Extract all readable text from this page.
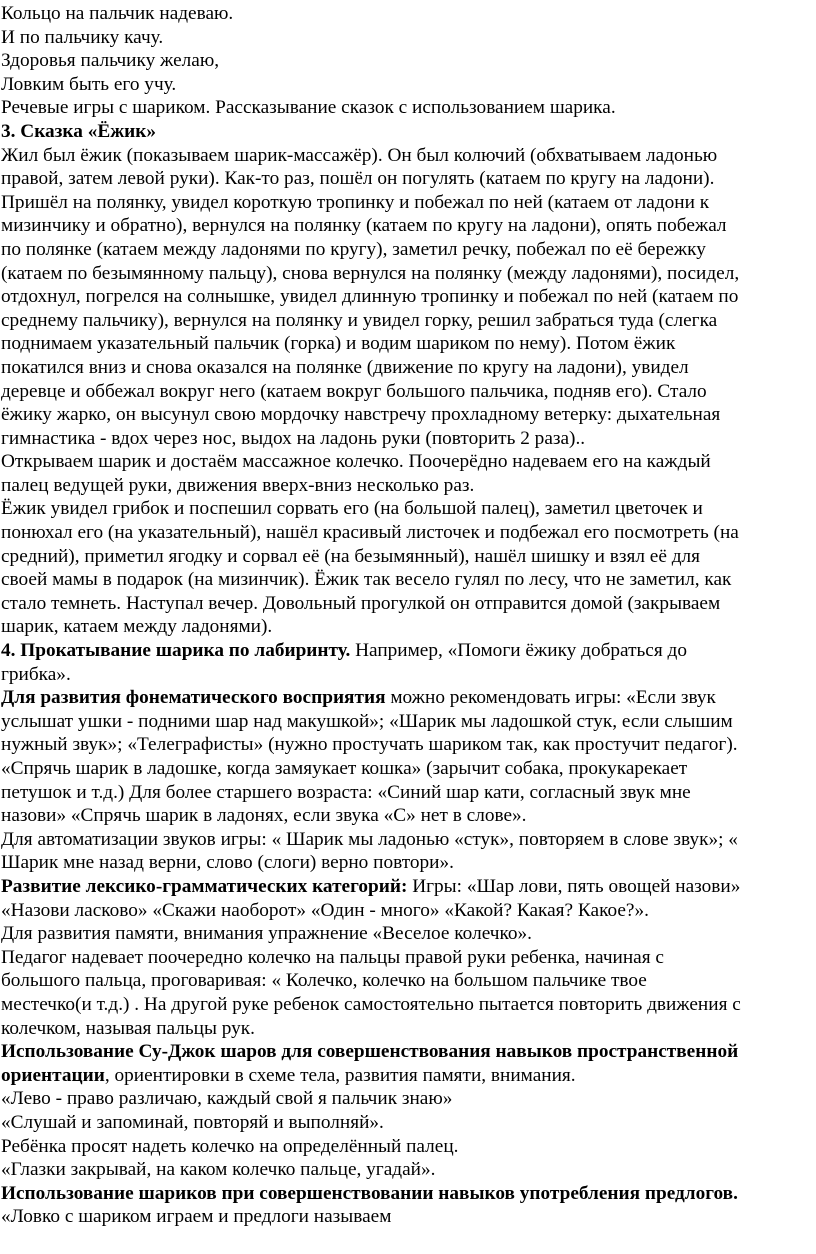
Кольцо на пальчик надеваю.
И по пальчику качу.
Здоровья пальчику желаю,
Ловким быть его учу.
Речевые игры с шариком. Рассказывание сказок с использованием шарика.
3. Сказка «Ёжик»
Жил был ёжик (показываем шарик-массажёр). Он был колючий (обхватываем ладонью
правой, затем левой руки). Как-то раз, пошёл он погулять (катаем по кругу на ладони).
Пришёл на полянку, увидел короткую тропинку и побежал по ней (катаем от ладони к
мизинчику и обратно), вернулся на полянку (катаем по кругу на ладони), опять побежал
по полянке (катаем между ладонями по кругу), заметил речку, побежал по её бережку
(катаем по безымянному пальцу), снова вернулся на полянку (между ладонями), посидел,
отдохнул, погрелся на солнышке, увидел длинную тропинку и побежал по ней (катаем по
среднему пальчику), вернулся на полянку и увидел горку, решил забраться туда (слегка
поднимаем указательный пальчик (горка) и водим шариком по нему). Потом ёжик
покатился вниз и снова оказался на полянке (движение по кругу на ладони), увидел
деревце и оббежал вокруг него (катаем вокруг большого пальчика, подняв его). Стало
ёжику жарко, он высунул свою мордочку навстречу прохладному ветерку: дыхательная
гимнастика - вдох через нос, выдох на ладонь руки (повторить 2 раза)..
Открываем шарик и достаём массажное колечко. Поочерёдно надеваем его на каждый
палец ведущей руки, движения вверх-вниз несколько раз.
Ёжик увидел грибок и поспешил сорвать его (на большой палец), заметил цветочек и
понюхал его (на указательный), нашёл красивый листочек и подбежал его посмотреть (на
средний), приметил ягодку и сорвал её (на безымянный), нашёл шишку и взял её для
своей мамы в подарок (на мизинчик). Ёжик так весело гулял по лесу, что не заметил, как
стало темнеть. Наступал вечер. Довольный прогулкой он отправится домой (закрываем
шарик, катаем между ладонями).
4. Прокатывание шарика по лабиринту. Например, «Помоги ёжику добраться до
грибка».
Для развития фонематического восприятия можно рекомендовать игры: «Если звук
услышат ушки - подними шар над макушкой»; «Шарик мы ладошкой стук, если слышим
нужный звук»; «Телеграфисты» (нужно простучать шариком так, как простучит педагог).
«Спрячь шарик в ладошке, когда замяукает кошка» (зарычит собака, прокукарекает
петушок и т.д.) Для более старшего возраста: «Синий шар кати, согласный звук мне
назови» «Спрячь шарик в ладонях, если звука «С» нет в слове».
Для автоматизации звуков игры: « Шарик мы ладонью «стук», повторяем в слове звук»; «
Шарик мне назад верни, слово (слоги) верно повтори».
Развитие лексико-грамматических категорий: Игры: «Шар лови, пять овощей назови»
«Назови ласково» «Скажи наоборот» «Один - много» «Какой? Какая? Какое?».
Для развития памяти, внимания упражнение «Веселое колечко».
Педагог надевает поочередно колечко на пальцы правой руки ребенка, начиная с
большого пальца, проговаривая: « Колечко, колечко на большом пальчике твое
местечко(и т.д.) . На другой руке ребенок самостоятельно пытается повторить движения с
колечком, называя пальцы рук.
Использование Су-Джок шаров для совершенствования навыков пространственной
ориентации, ориентировки в схеме тела, развития памяти, внимания.
«Лево - право различаю, каждый свой я пальчик знаю»
«Слушай и запоминай, повторяй и выполняй».
Ребёнка просят надеть колечко на определённый палец.
«Глазки закрывай, на каком колечко пальце, угадай».
Использование шариков при совершенствовании навыков употребления предлогов.
«Ловко с шариком играем и предлоги называем
